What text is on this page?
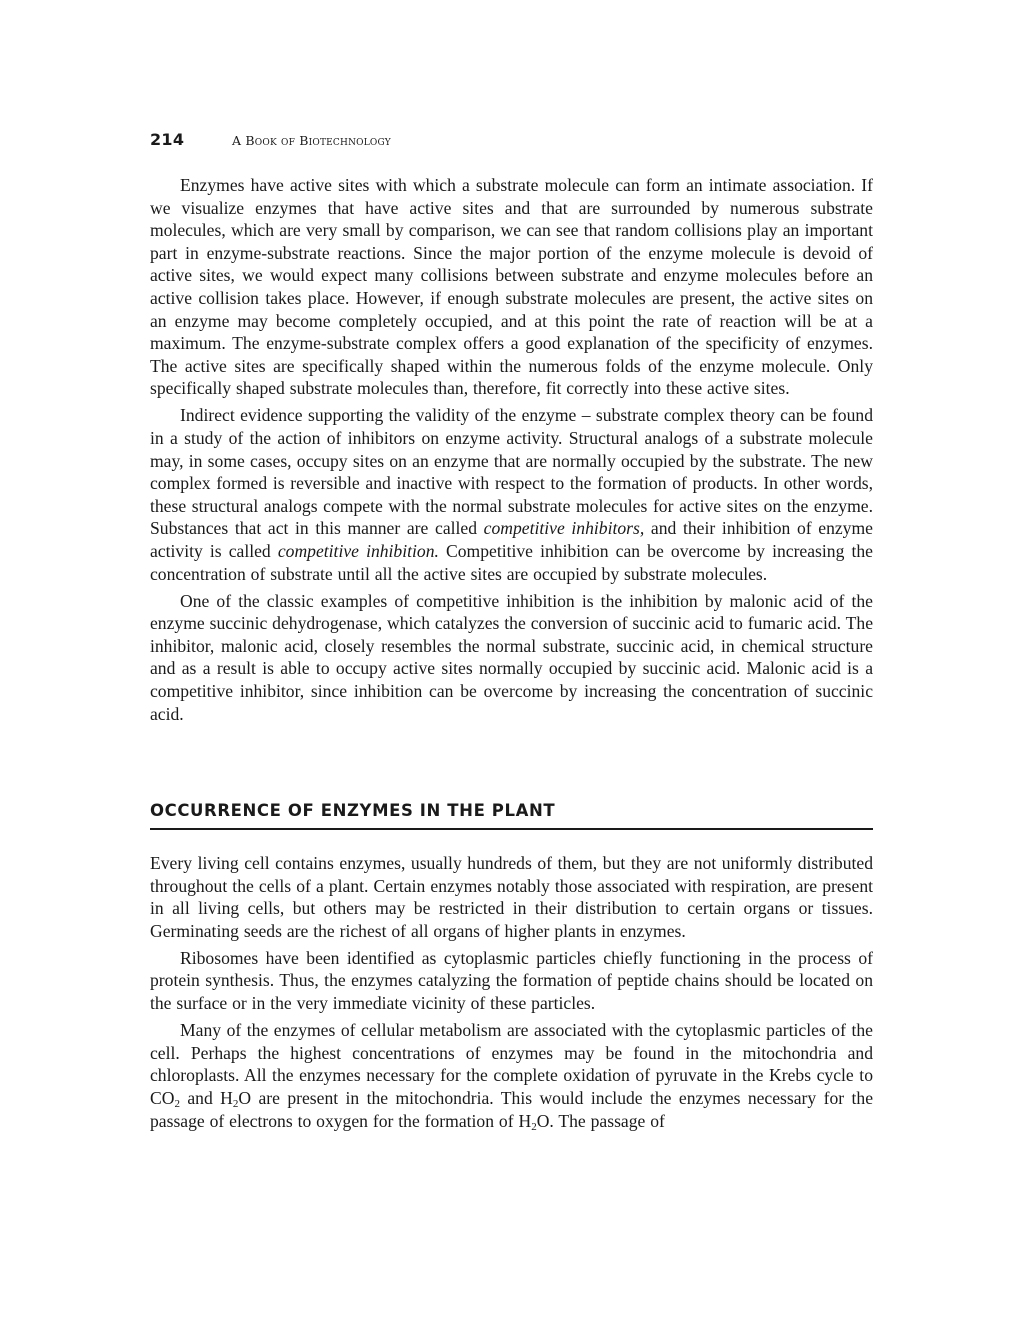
214	A Book of Biotechnology

Enzymes have active sites with which a substrate molecule can form an intimate association. If we visualize enzymes that have active sites and that are surrounded by numerous substrate molecules, which are very small by comparison, we can see that random collisions play an important part in enzyme-substrate reactions. Since the major portion of the enzyme molecule is devoid of active sites, we would expect many collisions between substrate and enzyme molecules before an active collision takes place. However, if enough substrate molecules are present, the active sites on an enzyme may become completely occupied, and at this point the rate of reaction will be at a maximum. The enzyme-substrate complex offers a good explanation of the specificity of enzymes. The active sites are specifically shaped within the numerous folds of the enzyme molecule. Only specifically shaped substrate molecules than, therefore, fit correctly into these active sites.

Indirect evidence supporting the validity of the enzyme – substrate complex theory can be found in a study of the action of inhibitors on enzyme activity. Structural analogs of a substrate molecule may, in some cases, occupy sites on an enzyme that are normally occupied by the substrate. The new complex formed is reversible and inactive with respect to the formation of products. In other words, these structural analogs compete with the normal substrate molecules for active sites on the enzyme. Substances that act in this manner are called competitive inhibitors, and their inhibition of enzyme activity is called competitive inhibition. Competitive inhibition can be overcome by increasing the concentration of substrate until all the active sites are occupied by substrate molecules.

One of the classic examples of competitive inhibition is the inhibition by malonic acid of the enzyme succinic dehydrogenase, which catalyzes the conversion of succinic acid to fumaric acid. The inhibitor, malonic acid, closely resembles the normal substrate, succinic acid, in chemical structure and as a result is able to occupy active sites normally occupied by succinic acid. Malonic acid is a competitive inhibitor, since inhibition can be overcome by increasing the concentration of succinic acid.

OCCURRENCE OF ENZYMES IN THE PLANT

Every living cell contains enzymes, usually hundreds of them, but they are not uniformly distributed throughout the cells of a plant. Certain enzymes notably those associated with respiration, are present in all living cells, but others may be restricted in their distribution to certain organs or tissues. Germinating seeds are the richest of all organs of higher plants in enzymes.

Ribosomes have been identified as cytoplasmic particles chiefly functioning in the process of protein synthesis. Thus, the enzymes catalyzing the formation of peptide chains should be located on the surface or in the very immediate vicinity of these particles.

Many of the enzymes of cellular metabolism are associated with the cytoplasmic particles of the cell. Perhaps the highest concentrations of enzymes may be found in the mitochondria and chloroplasts. All the enzymes necessary for the complete oxidation of pyruvate in the Krebs cycle to $CO_2$ and $H_2O$ are present in the mitochondria. This would include the enzymes necessary for the passage of electrons to oxygen for the formation of $H_2O$. The passage of
